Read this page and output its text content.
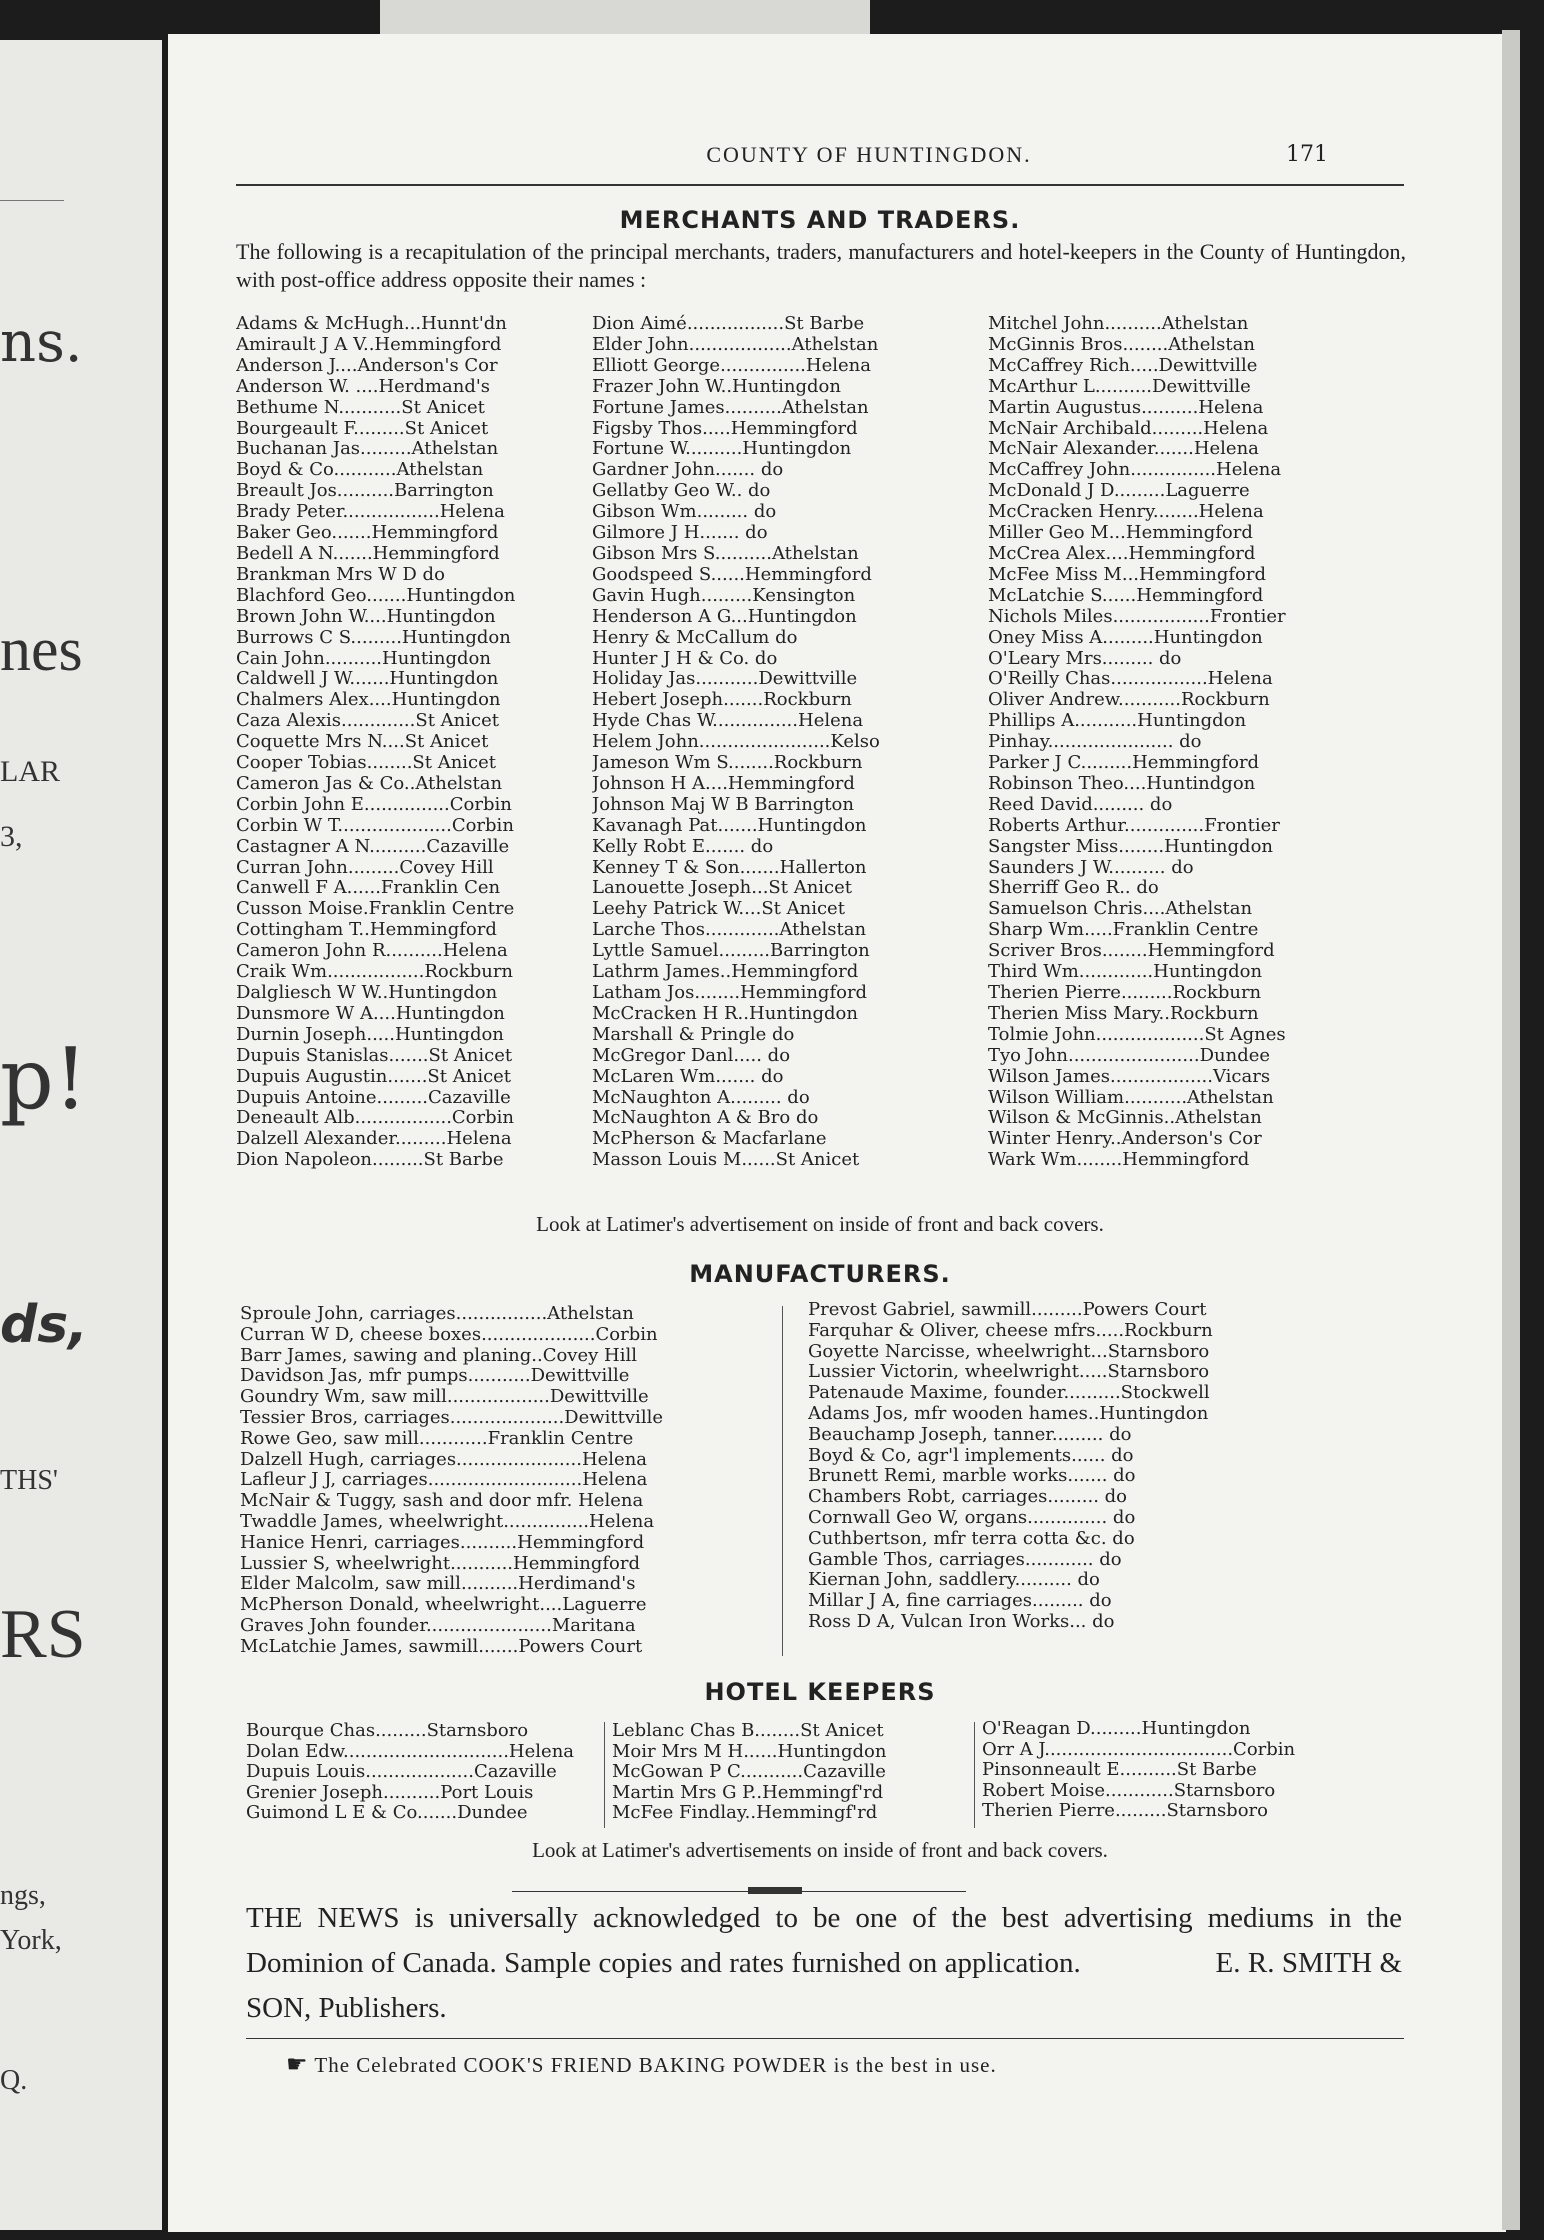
ns.
nes
LAR
3,
p!
ds,
THS'
RS
ngs,
York,
Q.
COUNTY OF HUNTINGDON.	171
MERCHANTS AND TRADERS.
The following is a recapitulation of the principal merchants, traders, manufacturers and hotel-keepers in the County of Huntingdon, with post-office address opposite their names :
Adams & McHugh...Hunnt'dn
Amirault J A V..Hemmingford
Anderson J....Anderson's Cor
Anderson W. ....Herdmand's
Bethume N...........St Anicet
Bourgeault F.........St Anicet
Buchanan Jas.........Athelstan
Boyd & Co...........Athelstan
Breault Jos..........Barrington
Brady Peter.................Helena
Baker Geo.......Hemmingford
Bedell A N.......Hemmingford
Brankman Mrs W D do
Blachford Geo.......Huntingdon
Brown John W....Huntingdon
Burrows C S.........Huntingdon
Cain John..........Huntingdon
Caldwell J W.......Huntingdon
Chalmers Alex....Huntingdon
Caza Alexis.............St Anicet
Coquette Mrs N....St Anicet
Cooper Tobias........St Anicet
Cameron Jas & Co..Athelstan
Corbin John E...............Corbin
Corbin W T....................Corbin
Castagner A N..........Cazaville
Curran John.........Covey Hill
Canwell F A......Franklin Cen
Cusson Moise.Franklin Centre
Cottingham T..Hemmingford
Cameron John R..........Helena
Craik Wm.................Rockburn
Dalgliesch W W..Huntingdon
Dunsmore W A....Huntingdon
Durnin Joseph.....Huntingdon
Dupuis Stanislas.......St Anicet
Dupuis Augustin.......St Anicet
Dupuis Antoine.........Cazaville
Deneault Alb.................Corbin
Dalzell Alexander.........Helena
Dion Napoleon.........St Barbe
Dion Aimé.................St Barbe
Elder John..................Athelstan
Elliott George...............Helena
Frazer John W..Huntingdon
Fortune James..........Athelstan
Figsby Thos.....Hemmingford
Fortune W..........Huntingdon
Gardner John....... do
Gellatby Geo W.. do
Gibson Wm......... do
Gilmore J H....... do
Gibson Mrs S..........Athelstan
Goodspeed S......Hemmingford
Gavin Hugh.........Kensington
Henderson A G...Huntingdon
Henry & McCallum do
Hunter J H & Co. do
Holiday Jas...........Dewittville
Hebert Joseph.......Rockburn
Hyde Chas W...............Helena
Helem John.......................Kelso
Jameson Wm S........Rockburn
Johnson H A....Hemmingford
Johnson Maj W B Barrington
Kavanagh Pat.......Huntingdon
Kelly Robt E....... do
Kenney T & Son.......Hallerton
Lanouette Joseph...St Anicet
Leehy Patrick W....St Anicet
Larche Thos.............Athelstan
Lyttle Samuel.........Barrington
Lathrm James..Hemmingford
Latham Jos........Hemmingford
McCracken H R..Huntingdon
Marshall & Pringle do
McGregor Danl..... do
McLaren Wm....... do
McNaughton A......... do
McNaughton A & Bro do
McPherson & Macfarlane
Masson Louis M......St Anicet
Mitchel John..........Athelstan
McGinnis Bros........Athelstan
McCaffrey Rich.....Dewittville
McArthur L..........Dewittville
Martin Augustus..........Helena
McNair Archibald.........Helena
McNair Alexander.......Helena
McCaffrey John...............Helena
McDonald J D.........Laguerre
McCracken Henry........Helena
Miller Geo M...Hemmingford
McCrea Alex....Hemmingford
McFee Miss M...Hemmingford
McLatchie S......Hemmingford
Nichols Miles.................Frontier
Oney Miss A.........Huntingdon
O'Leary Mrs......... do
O'Reilly Chas.................Helena
Oliver Andrew...........Rockburn
Phillips A...........Huntingdon
Pinhay...................... do
Parker J C.........Hemmingford
Robinson Theo....Huntindgon
Reed David......... do
Roberts Arthur..............Frontier
Sangster Miss........Huntingdon
Saunders J W.......... do
Sherriff Geo R.. do
Samuelson Chris....Athelstan
Sharp Wm.....Franklin Centre
Scriver Bros........Hemmingford
Third Wm.............Huntingdon
Therien Pierre.........Rockburn
Therien Miss Mary..Rockburn
Tolmie John...................St Agnes
Tyo John.......................Dundee
Wilson James..................Vicars
Wilson William...........Athelstan
Wilson & McGinnis..Athelstan
Winter Henry..Anderson's Cor
Wark Wm........Hemmingford
Look at Latimer's advertisement on inside of front and back covers.
MANUFACTURERS.
Sproule John, carriages................Athelstan
Curran W D, cheese boxes....................Corbin
Barr James, sawing and planing..Covey Hill
Davidson Jas, mfr pumps...........Dewittville
Goundry Wm, saw mill..................Dewittville
Tessier Bros, carriages....................Dewittville
Rowe Geo, saw mill............Franklin Centre
Dalzell Hugh, carriages......................Helena
Lafleur J J, carriages...........................Helena
McNair & Tuggy, sash and door mfr. Helena
Twaddle James, wheelwright...............Helena
Hanice Henri, carriages..........Hemmingford
Lussier S, wheelwright...........Hemmingford
Elder Malcolm, saw mill..........Herdimand's
McPherson Donald, wheelwright....Laguerre
Graves John founder......................Maritana
McLatchie James, sawmill.......Powers Court
Prevost Gabriel, sawmill.........Powers Court
Farquhar & Oliver, cheese mfrs.....Rockburn
Goyette Narcisse, wheelwright...Starnsboro
Lussier Victorin, wheelwright.....Starnsboro
Patenaude Maxime, founder..........Stockwell
Adams Jos, mfr wooden hames..Huntingdon
Beauchamp Joseph, tanner......... do
Boyd & Co, agr'l implements...... do
Brunett Remi, marble works....... do
Chambers Robt, carriages......... do
Cornwall Geo W, organs.............. do
Cuthbertson, mfr terra cotta &c. do
Gamble Thos, carriages............ do
Kiernan John, saddlery.......... do
Millar J A, fine carriages......... do
Ross D A, Vulcan Iron Works... do
HOTEL KEEPERS
Bourque Chas.........Starnsboro
Dolan Edw.............................Helena
Dupuis Louis...................Cazaville
Grenier Joseph..........Port Louis
Guimond L E & Co.......Dundee
Leblanc Chas B........St Anicet
Moir Mrs M H......Huntingdon
McGowan P C...........Cazaville
Martin Mrs G P..Hemmingf'rd
McFee Findlay..Hemmingf'rd
O'Reagan D.........Huntingdon
Orr A J.................................Corbin
Pinsonneault E..........St Barbe
Robert Moise............Starnsboro
Therien Pierre.........Starnsboro
Look at Latimer's advertisements on inside of front and back covers.
THE NEWS is universally acknowledged to be one of the best advertising mediums in the Dominion of Canada. Sample copies and rates furnished on application.	E. R. SMITH & SON, Publishers.
☛ The Celebrated COOK'S FRIEND BAKING POWDER is the best in use.
